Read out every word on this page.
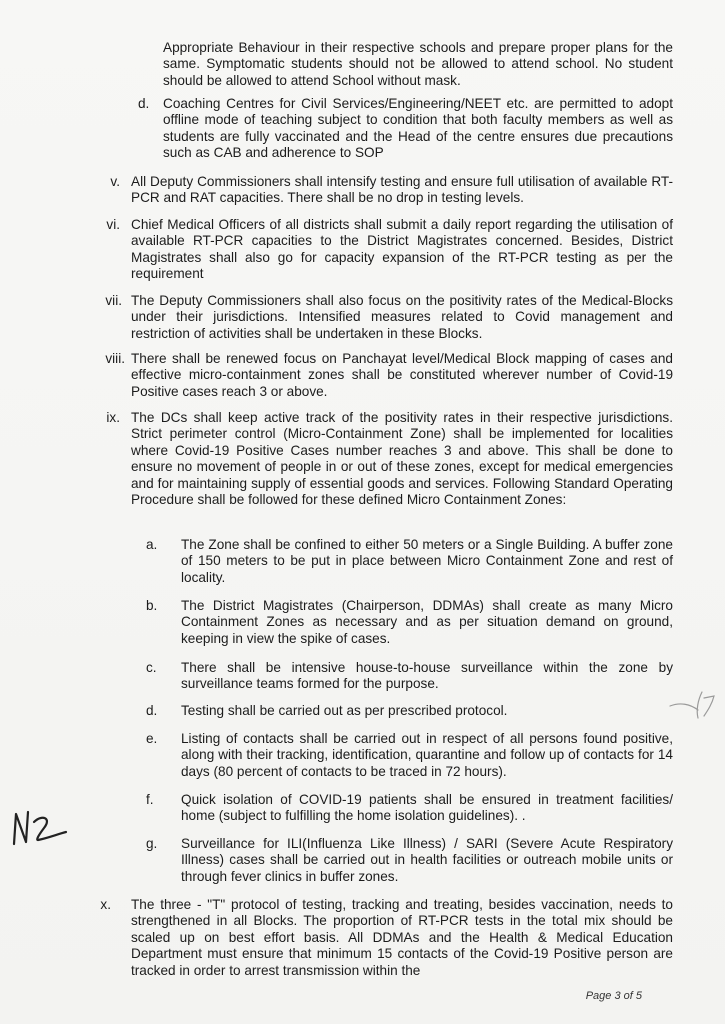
Appropriate Behaviour in their respective schools and prepare proper plans for the same. Symptomatic students should not be allowed to attend school. No student should be allowed to attend School without mask.
d. Coaching Centres for Civil Services/Engineering/NEET etc. are permitted to adopt offline mode of teaching subject to condition that both faculty members as well as students are fully vaccinated and the Head of the centre ensures due precautions such as CAB and adherence to SOP
v. All Deputy Commissioners shall intensify testing and ensure full utilisation of available RT-PCR and RAT capacities. There shall be no drop in testing levels.
vi. Chief Medical Officers of all districts shall submit a daily report regarding the utilisation of available RT-PCR capacities to the District Magistrates concerned. Besides, District Magistrates shall also go for capacity expansion of the RT-PCR testing as per the requirement
vii. The Deputy Commissioners shall also focus on the positivity rates of the Medical-Blocks under their jurisdictions. Intensified measures related to Covid management and restriction of activities shall be undertaken in these Blocks.
viii. There shall be renewed focus on Panchayat level/Medical Block mapping of cases and effective micro-containment zones shall be constituted wherever number of Covid-19 Positive cases reach 3 or above.
ix. The DCs shall keep active track of the positivity rates in their respective jurisdictions. Strict perimeter control (Micro-Containment Zone) shall be implemented for localities where Covid-19 Positive Cases number reaches 3 and above. This shall be done to ensure no movement of people in or out of these zones, except for medical emergencies and for maintaining supply of essential goods and services. Following Standard Operating Procedure shall be followed for these defined Micro Containment Zones:
a. The Zone shall be confined to either 50 meters or a Single Building. A buffer zone of 150 meters to be put in place between Micro Containment Zone and rest of locality.
b. The District Magistrates (Chairperson, DDMAs) shall create as many Micro Containment Zones as necessary and as per situation demand on ground, keeping in view the spike of cases.
c. There shall be intensive house-to-house surveillance within the zone by surveillance teams formed for the purpose.
d. Testing shall be carried out as per prescribed protocol.
e. Listing of contacts shall be carried out in respect of all persons found positive, along with their tracking, identification, quarantine and follow up of contacts for 14 days (80 percent of contacts to be traced in 72 hours).
f. Quick isolation of COVID-19 patients shall be ensured in treatment facilities/ home (subject to fulfilling the home isolation guidelines). .
g. Surveillance for ILI(Influenza Like Illness) / SARI (Severe Acute Respiratory Illness) cases shall be carried out in health facilities or outreach mobile units or through fever clinics in buffer zones.
x. The three - "T" protocol of testing, tracking and treating, besides vaccination, needs to strengthened in all Blocks. The proportion of RT-PCR tests in the total mix should be scaled up on best effort basis. All DDMAs and the Health & Medical Education Department must ensure that minimum 15 contacts of the Covid-19 Positive person are tracked in order to arrest transmission within the
Page 3 of 5
